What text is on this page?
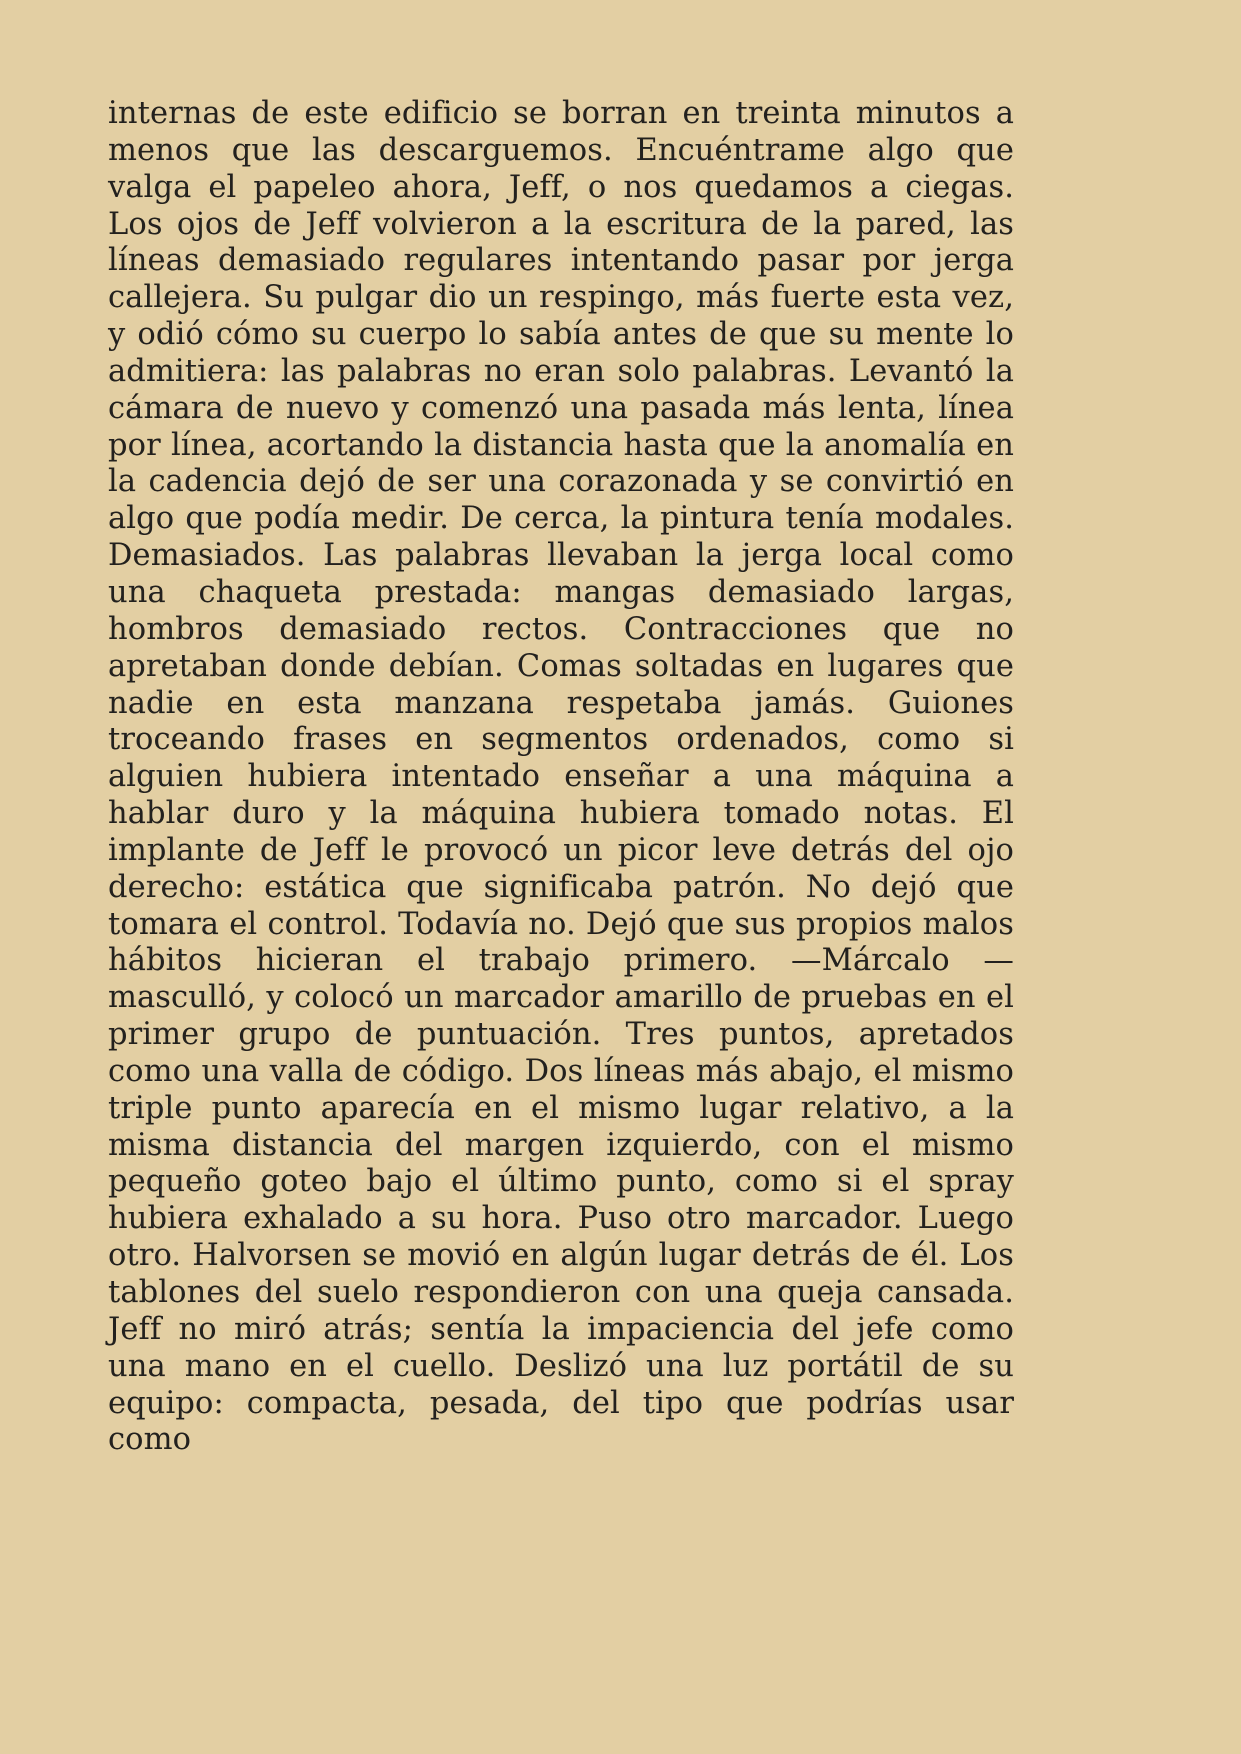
internas de este edificio se borran en treinta minutos a menos que las descarguemos. Encuéntrame algo que valga el papeleo ahora, Jeff, o nos quedamos a ciegas. Los ojos de Jeff volvieron a la escritura de la pared, las líneas demasiado regulares intentando pasar por jerga callejera. Su pulgar dio un respingo, más fuerte esta vez, y odió cómo su cuerpo lo sabía antes de que su mente lo admitiera: las palabras no eran solo palabras. Levantó la cámara de nuevo y comenzó una pasada más lenta, línea por línea, acortando la distancia hasta que la anomalía en la cadencia dejó de ser una corazonada y se convirtió en algo que podía medir. De cerca, la pintura tenía modales. Demasiados. Las palabras llevaban la jerga local como una chaqueta prestada: mangas demasiado largas, hombros demasiado rectos. Contracciones que no apretaban donde debían. Comas soltadas en lugares que nadie en esta manzana respetaba jamás. Guiones troceando frases en segmentos ordenados, como si alguien hubiera intentado enseñar a una máquina a hablar duro y la máquina hubiera tomado notas. El implante de Jeff le provocó un picor leve detrás del ojo derecho: estática que significaba patrón. No dejó que tomara el control. Todavía no. Dejó que sus propios malos hábitos hicieran el trabajo primero. —Márcalo — masculló, y colocó un marcador amarillo de pruebas en el primer grupo de puntuación. Tres puntos, apretados como una valla de código. Dos líneas más abajo, el mismo triple punto aparecía en el mismo lugar relativo, a la misma distancia del margen izquierdo, con el mismo pequeño goteo bajo el último punto, como si el spray hubiera exhalado a su hora. Puso otro marcador. Luego otro. Halvorsen se movió en algún lugar detrás de él. Los tablones del suelo respondieron con una queja cansada. Jeff no miró atrás; sentía la impaciencia del jefe como una mano en el cuello. Deslizó una luz portátil de su equipo: compacta, pesada, del tipo que podrías usar como
